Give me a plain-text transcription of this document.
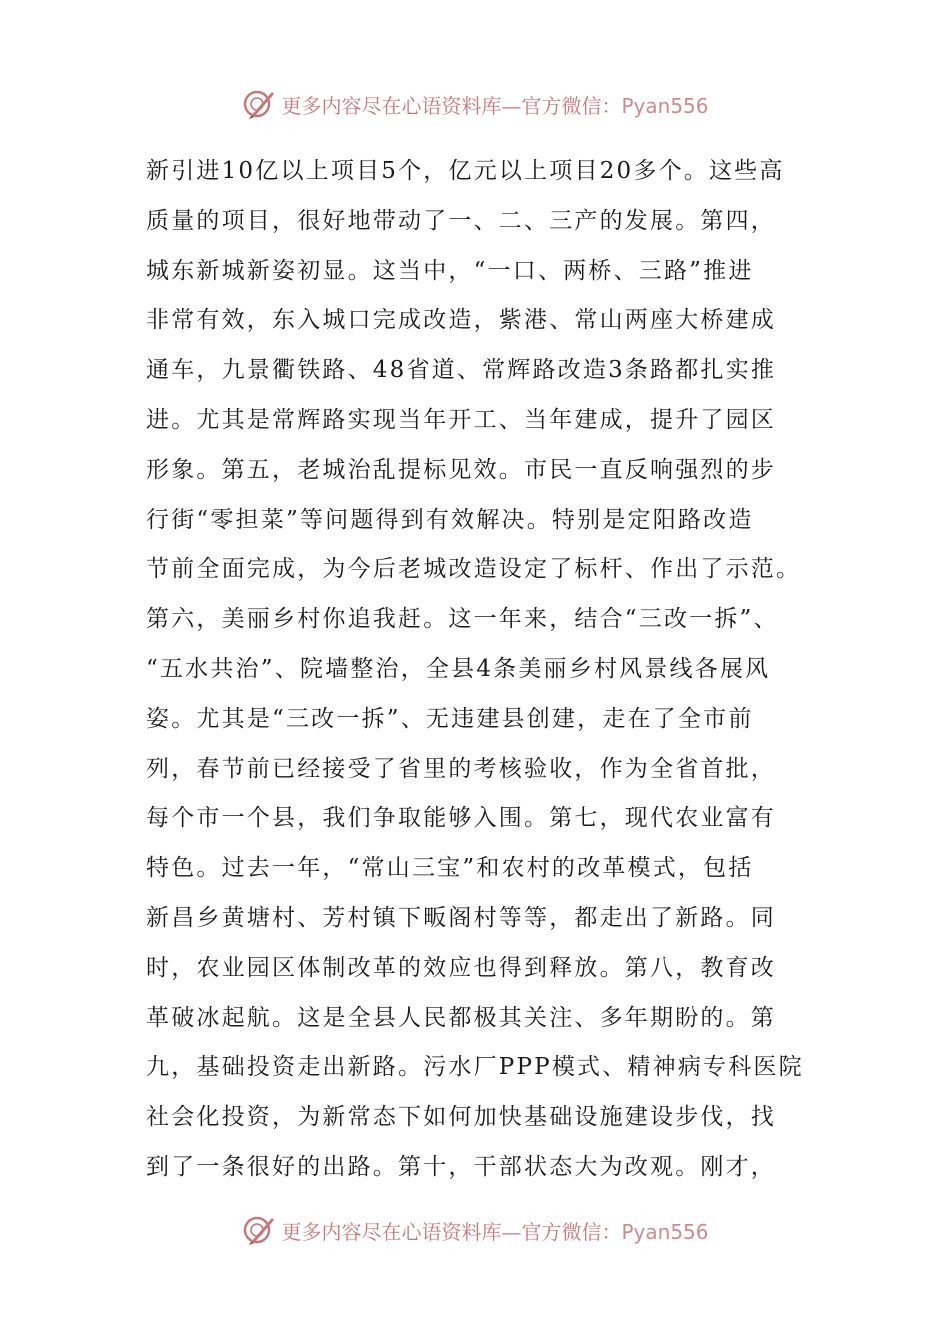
更多内容尽在心语资料库—官方微信：Pyan556
新引进10亿以上项目5个，亿元以上项目20多个。这些高
质量的项目，很好地带动了一、二、三产的发展。第四，
城东新城新姿初显。这当中，“一口、两桥、三路”推进
非常有效，东入城口完成改造，紫港、常山两座大桥建成
通车，九景衢铁路、48省道、常辉路改造3条路都扎实推
进。尤其是常辉路实现当年开工、当年建成，提升了园区
形象。第五，老城治乱提标见效。市民一直反响强烈的步
行街“零担菜”等问题得到有效解决。特别是定阳路改造
节前全面完成，为今后老城改造设定了标杆、作出了示范。
第六，美丽乡村你追我赶。这一年来，结合“三改一拆”、
“五水共治”、院墙整治，全县4条美丽乡村风景线各展风
姿。尤其是“三改一拆”、无违建县创建，走在了全市前
列，春节前已经接受了省里的考核验收，作为全省首批，
每个市一个县，我们争取能够入围。第七，现代农业富有
特色。过去一年，“常山三宝”和农村的改革模式，包括
新昌乡黄塘村、芳村镇下畈阁村等等，都走出了新路。同
时，农业园区体制改革的效应也得到释放。第八，教育改
革破冰起航。这是全县人民都极其关注、多年期盼的。第
九，基础投资走出新路。污水厂PPP模式、精神病专科医院
社会化投资，为新常态下如何加快基础设施建设步伐，找
到了一条很好的出路。第十，干部状态大为改观。刚才，
更多内容尽在心语资料库—官方微信：Pyan556
